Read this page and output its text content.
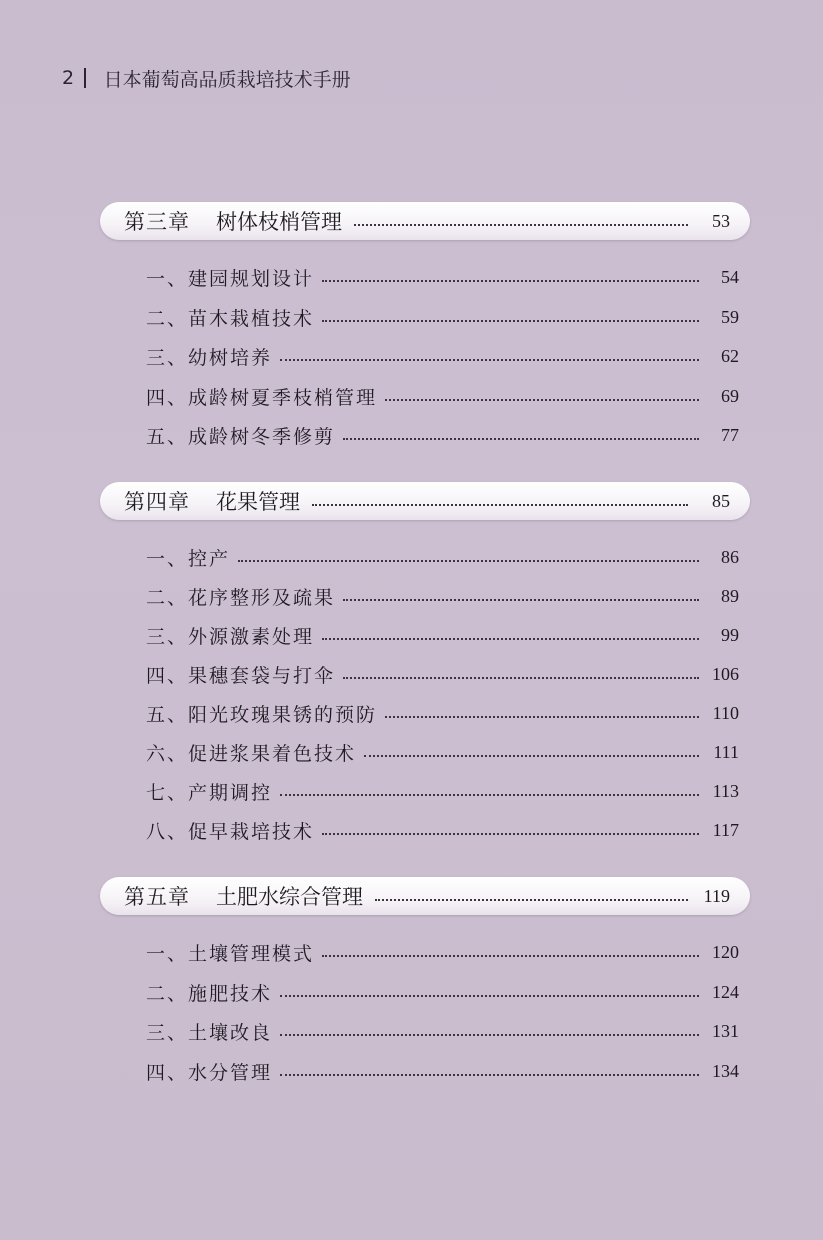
2 日本葡萄高品质栽培技术手册
第三章 树体枝梢管理	53
一、建园规划设计	54
二、苗木栽植技术	59
三、幼树培养	62
四、成龄树夏季枝梢管理	69
五、成龄树冬季修剪	77
第四章 花果管理	85
一、控产	86
二、花序整形及疏果	89
三、外源激素处理	99
四、果穗套袋与打伞	106
五、阳光玫瑰果锈的预防	110
六、促进浆果着色技术	111
七、产期调控	113
八、促早栽培技术	117
第五章 土肥水综合管理	119
一、土壤管理模式	120
二、施肥技术	124
三、土壤改良	131
四、水分管理	134
